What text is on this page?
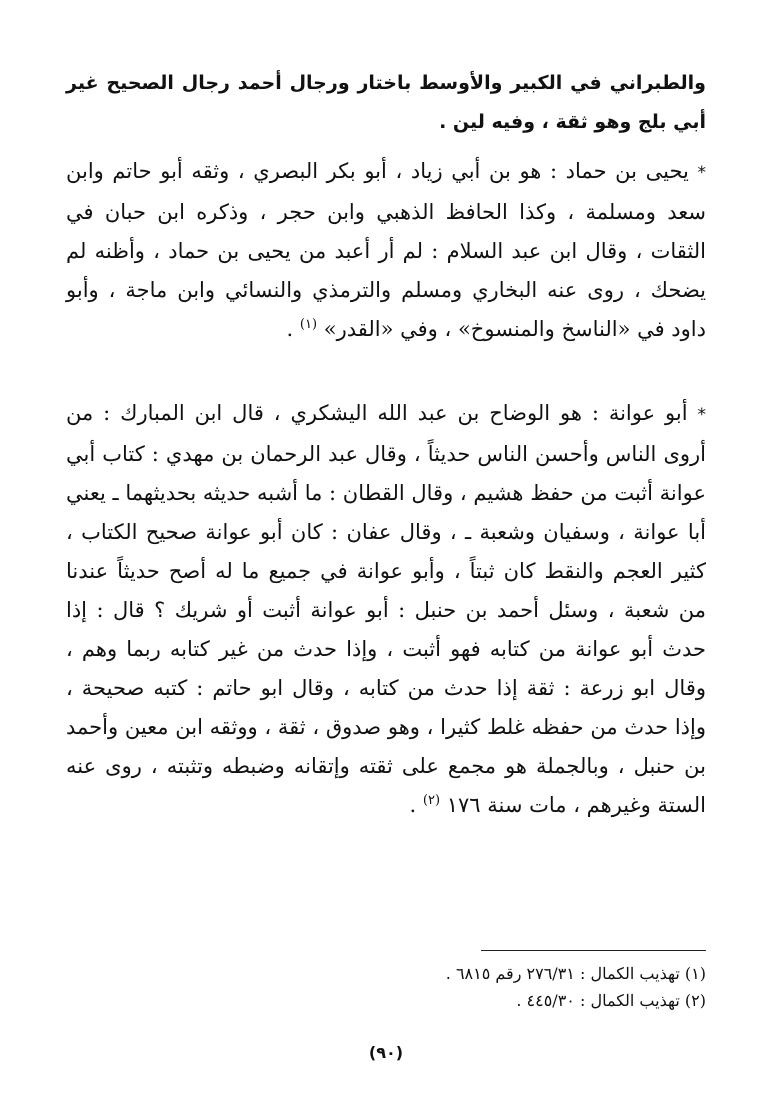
والطبراني في الكبير والأوسط باختار ورجال أحمد رجال الصحيح غير أبي بلج وهو ثقة ، وفيه لين .

* يحيى بن حماد : هو بن أبي زياد ، أبو بكر البصري ، وثقه أبو حاتم وابن سعد ومسلمة ، وكذا الحافظ الذهبي وابن حجر ، وذكره ابن حبان في الثقات ، وقال ابن عبد السلام : لم أر أعبد من يحيى بن حماد ، وأظنه لم يضحك ، روى عنه البخاري ومسلم والترمذي والنسائي وابن ماجة ، وأبو داود في «الناسخ والمنسوخ» ، وفي «القدر» $^{(١)}$ .

* أبو عوانة : هو الوضاح بن عبد الله اليشكري ، قال ابن المبارك : من أروى الناس وأحسن الناس حديثاً ، وقال عبد الرحمان بن مهدي : كتاب أبي عوانة أثبت من حفظ هشيم ، وقال القطان : ما أشبه حديثه بحديثهما ـ يعني أبا عوانة ، وسفيان وشعبة ـ ، وقال عفان : كان أبو عوانة صحيح الكتاب ، كثير العجم والنقط كان ثبتاً ، وأبو عوانة في جميع ما له أصح حديثاً عندنا من شعبة ، وسئل أحمد بن حنبل : أبو عوانة أثبت أو شريك ؟ قال : إذا حدث أبو عوانة من كتابه فهو أثبت ، وإذا حدث من غير كتابه ربما وهم ، وقال ابو زرعة : ثقة إذا حدث من كتابه ، وقال ابو حاتم : كتبه صحيحة ، وإذا حدث من حفظه غلط كثيرا ، وهو صدوق ، ثقة ، ووثقه ابن معين وأحمد بن حنبل ، وبالجملة هو مجمع على ثقته وإتقانه وضبطه وتثبته ، روى عنه الستة وغيرهم ، مات سنة ١٧٦ $^{(٢)}$ .

(١) تهذيب الكمال : ٢٧٦/٣١ رقم ٦٨١٥ .
(٢) تهذيب الكمال : ٤٤٥/٣٠ .
(٩٠)
